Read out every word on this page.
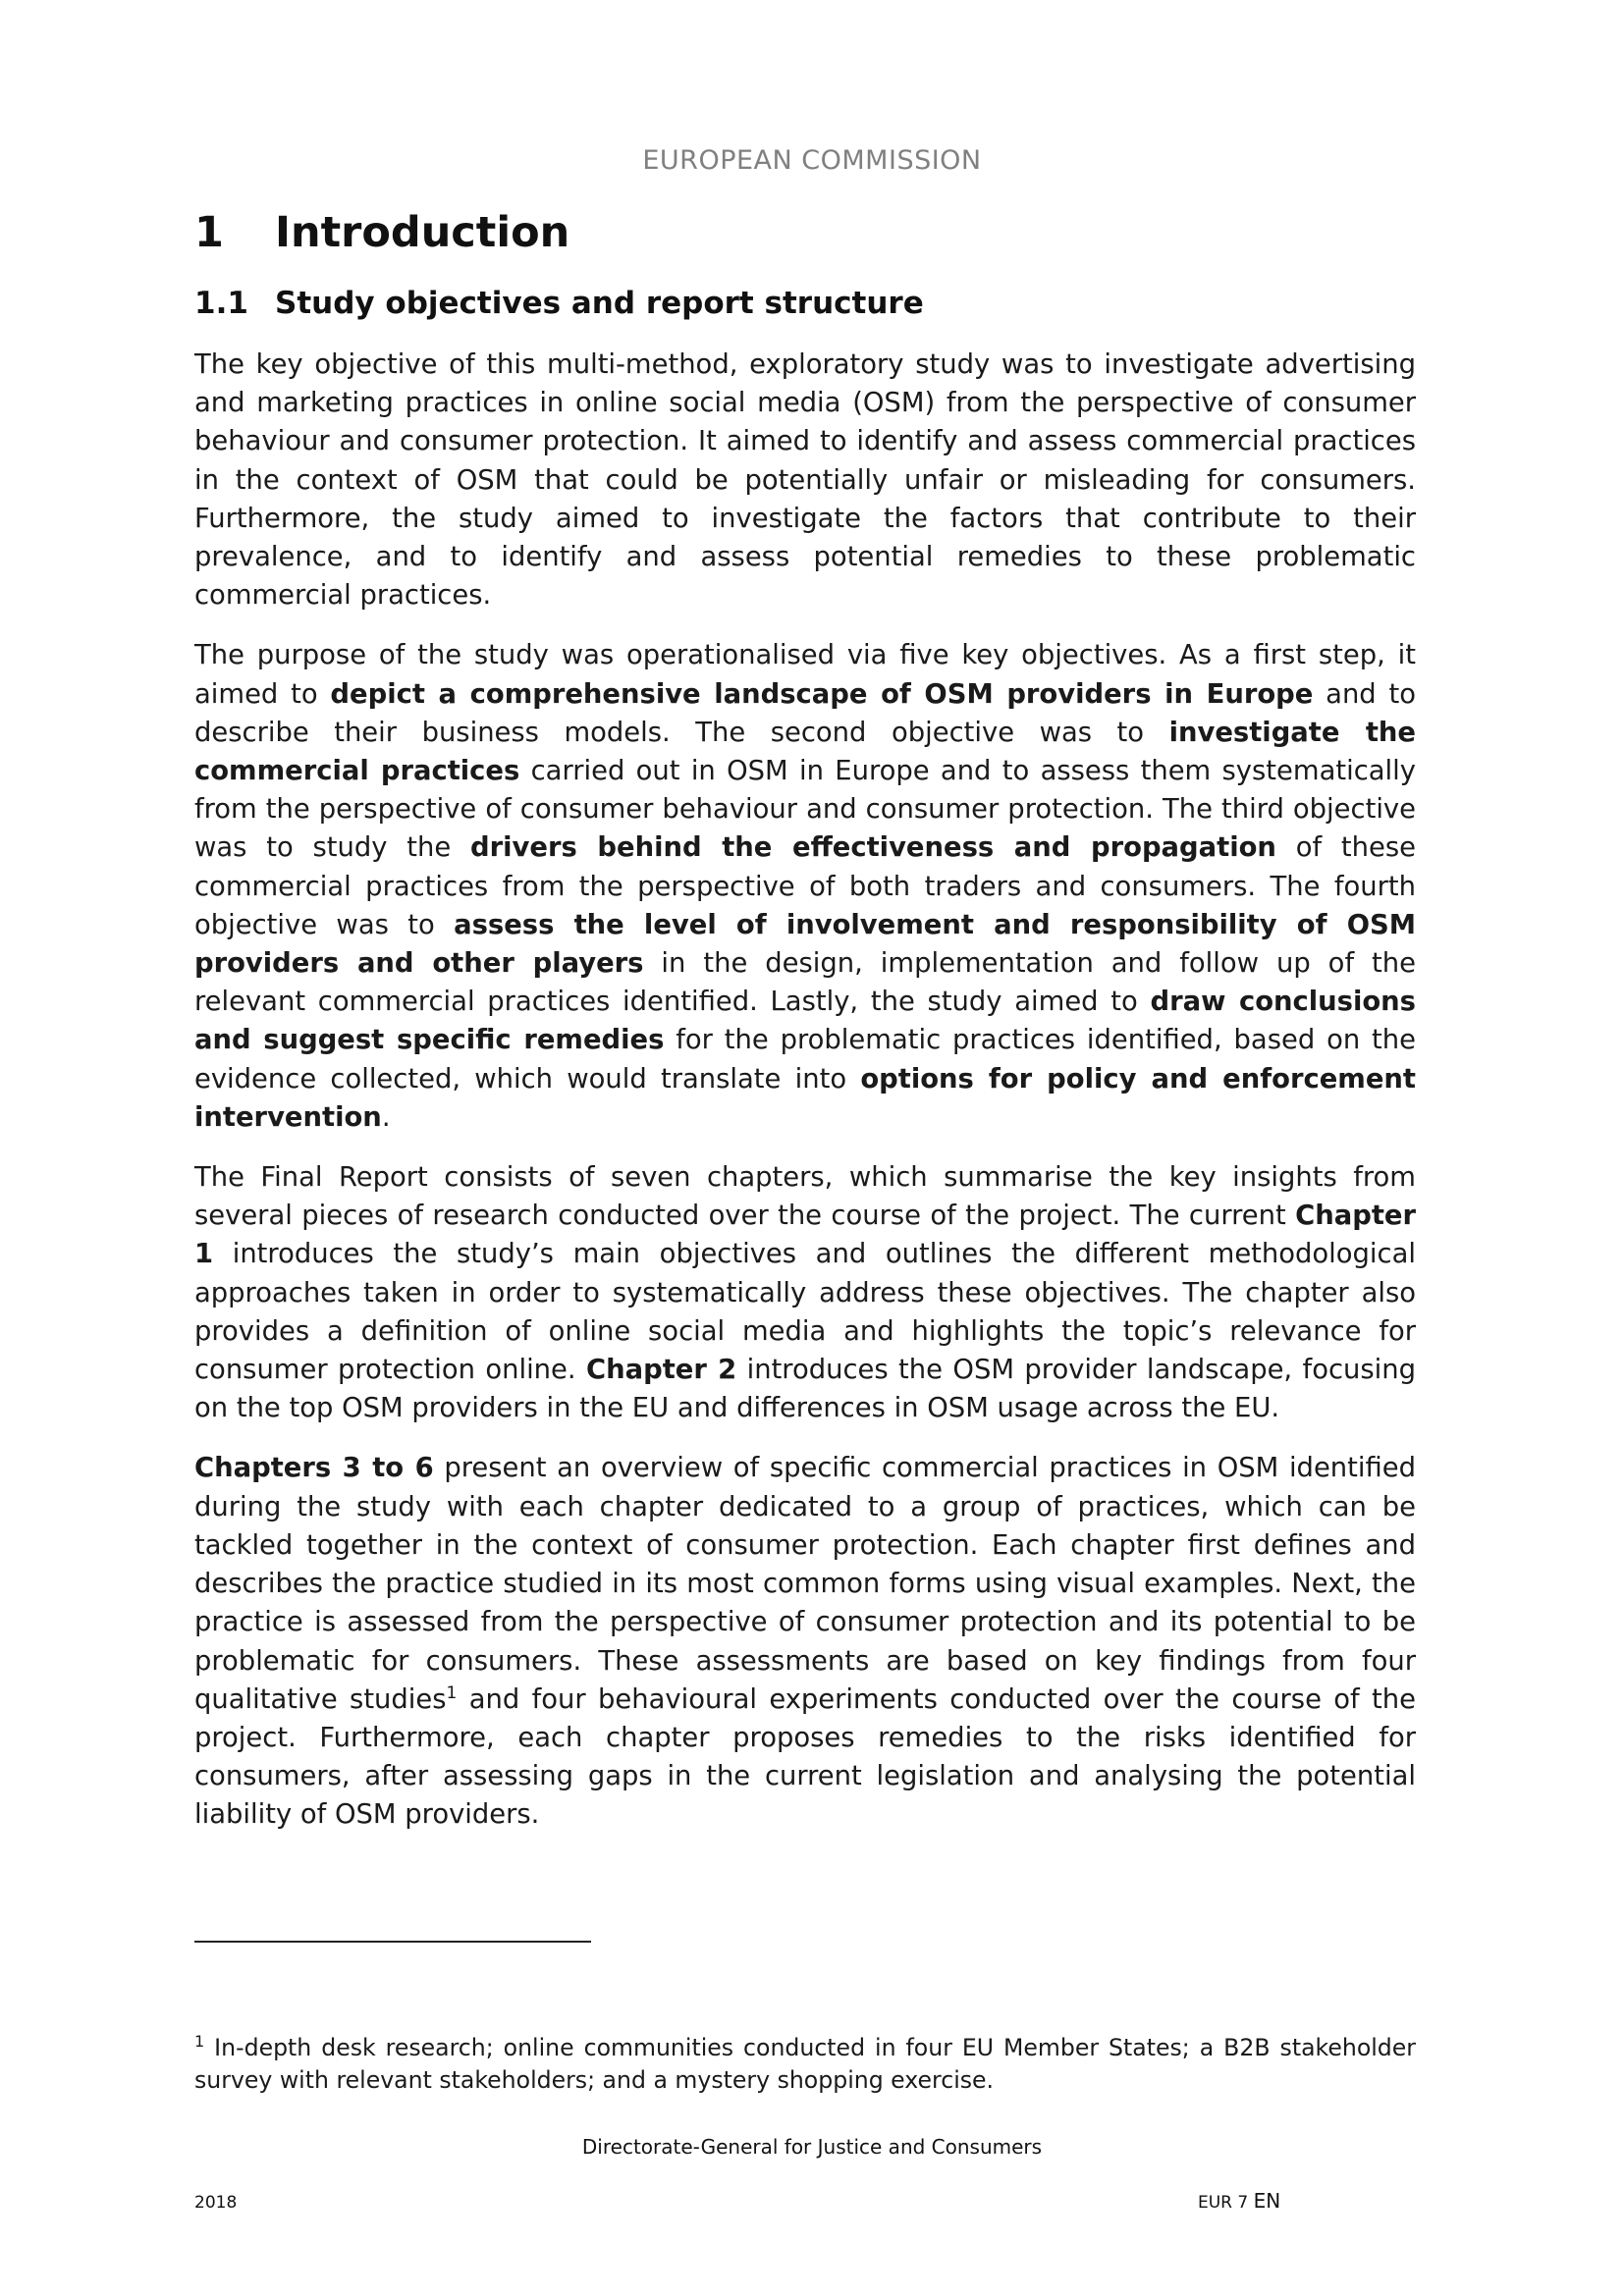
EUROPEAN COMMISSION
1 Introduction
1.1 Study objectives and report structure

The key objective of this multi-method, exploratory study was to investigate advertising and marketing practices in online social media (OSM) from the perspective of consumer behaviour and consumer protection. It aimed to identify and assess commercial practices in the context of OSM that could be potentially unfair or misleading for consumers. Furthermore, the study aimed to investigate the factors that contribute to their prevalence, and to identify and assess potential remedies to these problematic commercial practices.

The purpose of the study was operationalised via five key objectives. As a first step, it aimed to depict a comprehensive landscape of OSM providers in Europe and to describe their business models. The second objective was to investigate the commercial practices carried out in OSM in Europe and to assess them systematically from the perspective of consumer behaviour and consumer protection. The third objective was to study the drivers behind the effectiveness and propagation of these commercial practices from the perspective of both traders and consumers. The fourth objective was to assess the level of involvement and responsibility of OSM providers and other players in the design, implementation and follow up of the relevant commercial practices identified. Lastly, the study aimed to draw conclusions and suggest specific remedies for the problematic practices identified, based on the evidence collected, which would translate into options for policy and enforcement intervention.

The Final Report consists of seven chapters, which summarise the key insights from several pieces of research conducted over the course of the project. The current Chapter 1 introduces the study’s main objectives and outlines the different methodological approaches taken in order to systematically address these objectives. The chapter also provides a definition of online social media and highlights the topic’s relevance for consumer protection online. Chapter 2 introduces the OSM provider landscape, focusing on the top OSM providers in the EU and differences in OSM usage across the EU.

Chapters 3 to 6 present an overview of specific commercial practices in OSM identified during the study with each chapter dedicated to a group of practices, which can be tackled together in the context of consumer protection. Each chapter first defines and describes the practice studied in its most common forms using visual examples. Next, the practice is assessed from the perspective of consumer protection and its potential to be problematic for consumers. These assessments are based on key findings from four qualitative studies$^1$ and four behavioural experiments conducted over the course of the project. Furthermore, each chapter proposes remedies to the risks identified for consumers, after assessing gaps in the current legislation and analysing the potential liability of OSM providers.

$^1$ In-depth desk research; online communities conducted in four EU Member States; a B2B stakeholder survey with relevant stakeholders; and a mystery shopping exercise.
Directorate-General for Justice and Consumers
2018	EUR 7 EN
